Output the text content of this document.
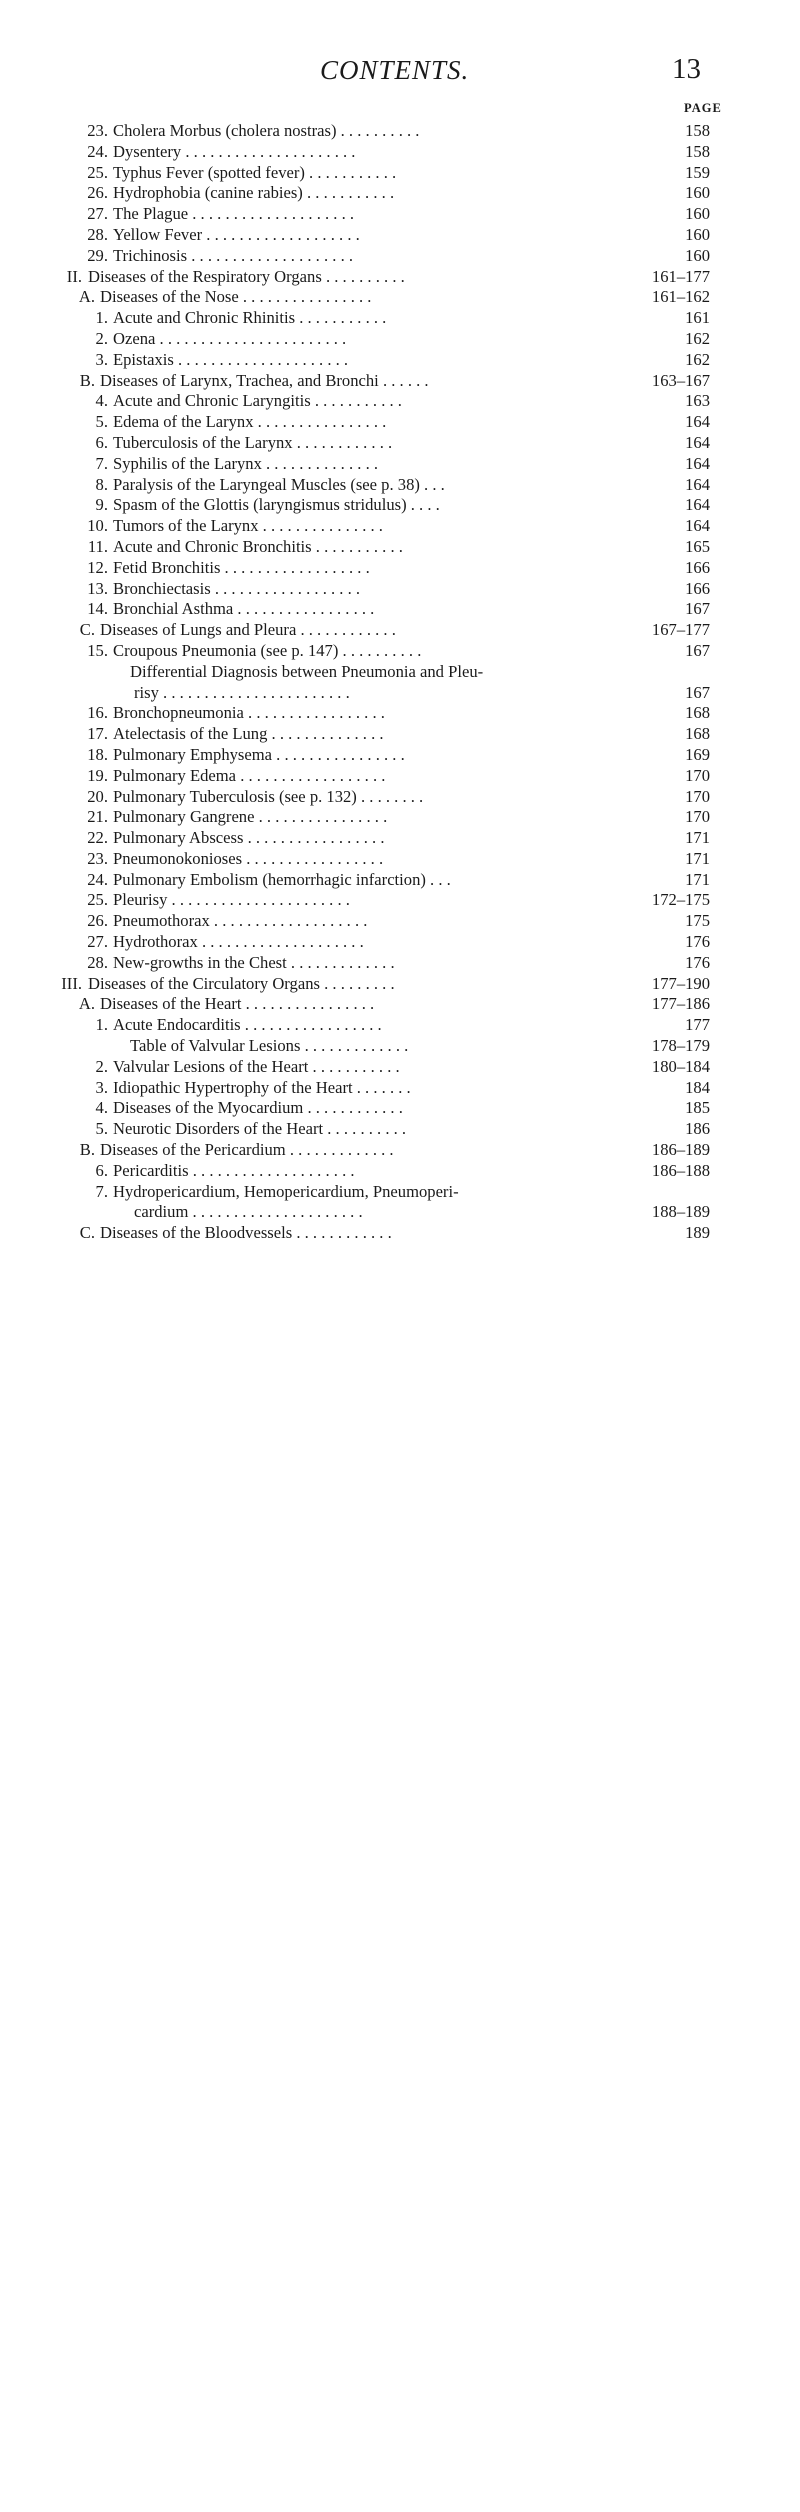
CONTENTS.	13
PAGE
23. Cholera Morbus (cholera nostras) . . . . . . . . . .	158
24. Dysentery . . . . . . . . . . . . . . . . . . . . .	158
25. Typhus Fever (spotted fever) . . . . . . . . . . .	159
26. Hydrophobia (canine rabies) . . . . . . . . . . .	160
27. The Plague . . . . . . . . . . . . . . . . . . . .	160
28. Yellow Fever . . . . . . . . . . . . . . . . . . .	160
29. Trichinosis . . . . . . . . . . . . . . . . . . . .	160
II. Diseases of the Respiratory Organs . . . . . . . . . .	161–177
A. Diseases of the Nose . . . . . . . . . . . . . . . .	161–162
1. Acute and Chronic Rhinitis . . . . . . . . . . .	161
2. Ozena . . . . . . . . . . . . . . . . . . . . . . .	162
3. Epistaxis . . . . . . . . . . . . . . . . . . . . .	162
B. Diseases of Larynx, Trachea, and Bronchi . . . . . .	163–167
4. Acute and Chronic Laryngitis . . . . . . . . . . .	163
5. Edema of the Larynx . . . . . . . . . . . . . . . .	164
6. Tuberculosis of the Larynx . . . . . . . . . . . .	164
7. Syphilis of the Larynx . . . . . . . . . . . . . .	164
8. Paralysis of the Laryngeal Muscles (see p. 38) . . .	164
9. Spasm of the Glottis (laryngismus stridulus) . . . .	164
10. Tumors of the Larynx . . . . . . . . . . . . . . .	164
11. Acute and Chronic Bronchitis . . . . . . . . . . .	165
12. Fetid Bronchitis . . . . . . . . . . . . . . . . . .	166
13. Bronchiectasis . . . . . . . . . . . . . . . . . .	166
14. Bronchial Asthma . . . . . . . . . . . . . . . . .	167
C. Diseases of Lungs and Pleura . . . . . . . . . . . .	167–177
15. Croupous Pneumonia (see p. 147) . . . . . . . . . .	167
Differential Diagnosis between Pneumonia and Pleu-
risy . . . . . . . . . . . . . . . . . . . . . . .	167
16. Bronchopneumonia . . . . . . . . . . . . . . . . .	168
17. Atelectasis of the Lung . . . . . . . . . . . . . .	168
18. Pulmonary Emphysema . . . . . . . . . . . . . . . .	169
19. Pulmonary Edema . . . . . . . . . . . . . . . . . .	170
20. Pulmonary Tuberculosis (see p. 132) . . . . . . . .	170
21. Pulmonary Gangrene . . . . . . . . . . . . . . . .	170
22. Pulmonary Abscess . . . . . . . . . . . . . . . . .	171
23. Pneumonokonioses . . . . . . . . . . . . . . . . .	171
24. Pulmonary Embolism (hemorrhagic infarction) . . .	171
25. Pleurisy . . . . . . . . . . . . . . . . . . . . . .	172–175
26. Pneumothorax . . . . . . . . . . . . . . . . . . .	175
27. Hydrothorax . . . . . . . . . . . . . . . . . . . .	176
28. New-growths in the Chest . . . . . . . . . . . . .	176
III. Diseases of the Circulatory Organs . . . . . . . . .	177–190
A. Diseases of the Heart . . . . . . . . . . . . . . . .	177–186
1. Acute Endocarditis . . . . . . . . . . . . . . . . .	177
Table of Valvular Lesions . . . . . . . . . . . . .	178–179
2. Valvular Lesions of the Heart . . . . . . . . . . .	180–184
3. Idiopathic Hypertrophy of the Heart . . . . . . .	184
4. Diseases of the Myocardium . . . . . . . . . . . .	185
5. Neurotic Disorders of the Heart . . . . . . . . . .	186
B. Diseases of the Pericardium . . . . . . . . . . . . .	186–189
6. Pericarditis . . . . . . . . . . . . . . . . . . . .	186–188
7. Hydropericardium, Hemopericardium, Pneumoperi-
cardium . . . . . . . . . . . . . . . . . . . . .	188–189
C. Diseases of the Bloodvessels . . . . . . . . . . . .	189
